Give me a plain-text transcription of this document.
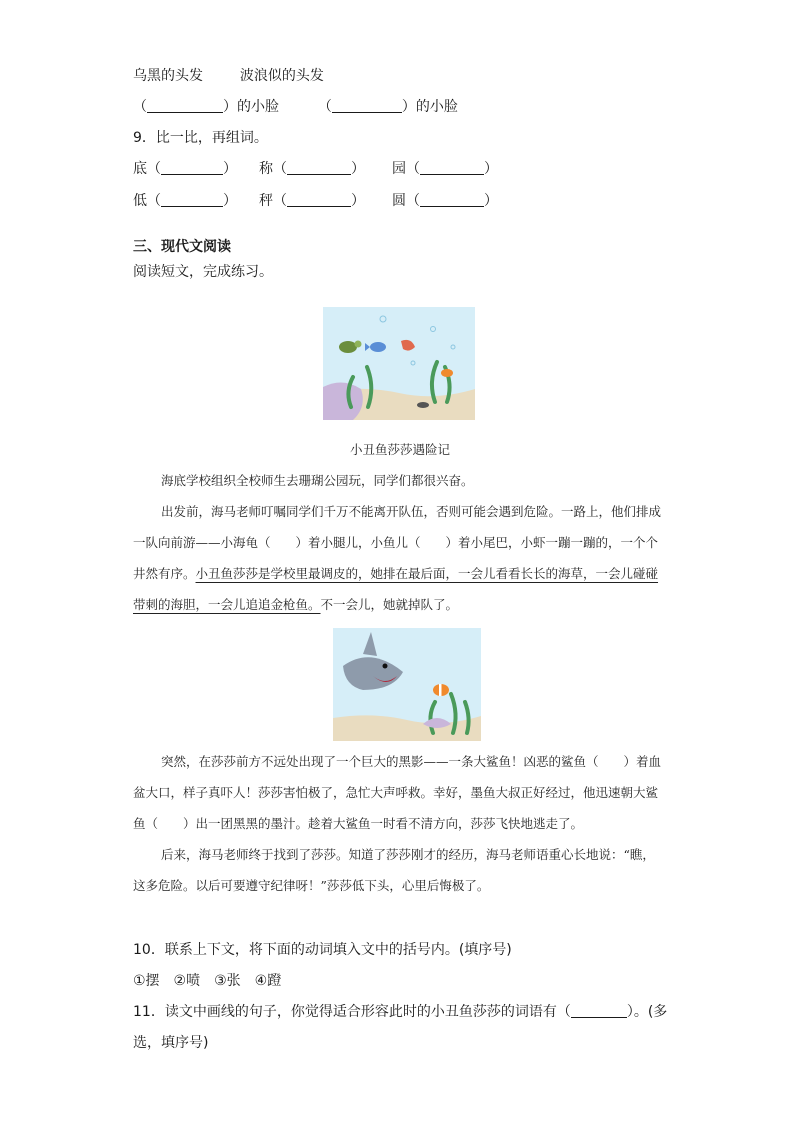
乌黑的头发	波浪似的头发
（	）的小脸  （	）的小脸
9．比一比，再组词。
底（	） 称（	） 园（	）
低（	） 秤（	） 圆（	）
三、现代文阅读
阅读短文，完成练习。
小丑鱼莎莎遇险记

海底学校组织全校师生去珊瑚公园玩，同学们都很兴奋。

出发前，海马老师叮嘱同学们千万不能离开队伍，否则可能会遇到危险。一路上，他们排成一队向前游——小海龟（　　）着小腿儿，小鱼儿（　　）着小尾巴，小虾一蹦一蹦的，一个个井然有序。小丑鱼莎莎是学校里最调皮的，她排在最后面，一会儿看看长长的海草，一会儿碰碰带刺的海胆，一会儿追追金枪鱼。不一会儿，她就掉队了。

突然，在莎莎前方不远处出现了一个巨大的黑影——一条大鲨鱼！凶恶的鲨鱼（　　）着血盆大口，样子真吓人！莎莎害怕极了，急忙大声呼救。幸好，墨鱼大叔正好经过，他迅速朝大鲨鱼（　　）出一团黑黑的墨汁。趁着大鲨鱼一时看不清方向，莎莎飞快地逃走了。

后来，海马老师终于找到了莎莎。知道了莎莎刚才的经历，海马老师语重心长地说：“瞧，这多危险。以后可要遵守纪律呀！”莎莎低下头，心里后悔极了。

10．联系上下文，将下面的动词填入文中的括号内。(填序号)
①摆　②喷　③张　④蹬
11．读文中画线的句子，你觉得适合形容此时的小丑鱼莎莎的词语有（	）。(多
选，填序号)
